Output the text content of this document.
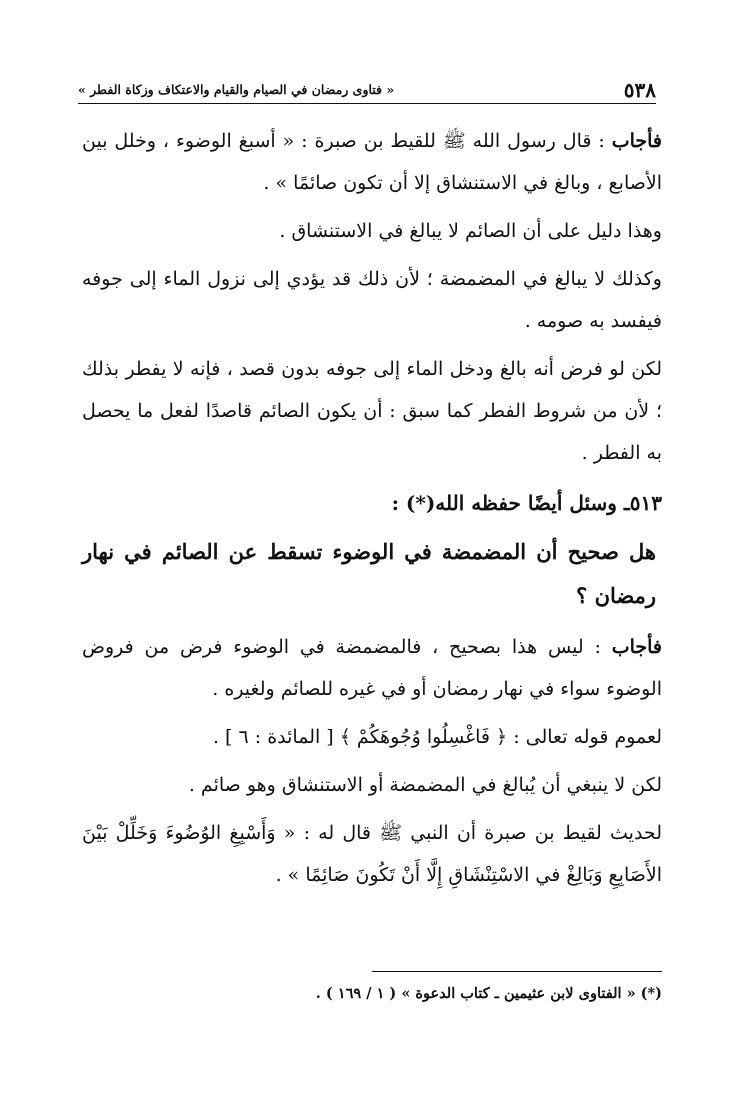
٥٣٨
« فتاوى رمضان في الصيام والقيام والاعتكاف وزكاة الفطر »

فأجاب : قال رسول الله ﷺ للقيط بن صبرة : « أسبغ الوضوء ، وخلل بين الأصابع ، وبالغ في الاستنشاق إلا أن تكون صائمًا » .

وهذا دليل على أن الصائم لا يبالغ في الاستنشاق .

وكذلك لا يبالغ في المضمضة ؛ لأن ذلك قد يؤدي إلى نزول الماء إلى جوفه فيفسد به صومه .

لكن لو فرض أنه بالغ ودخل الماء إلى جوفه بدون قصد ، فإنه لا يفطر بذلك ؛ لأن من شروط الفطر كما سبق : أن يكون الصائم قاصدًا لفعل ما يحصل به الفطر .

٥١٣ـ وسئل أيضًا حفظه الله(*) :
هل صحيح أن المضمضة في الوضوء تسقط عن الصائم في نهار رمضان ؟

فأجاب : ليس هذا بصحيح ، فالمضمضة في الوضوء فرض من فروض الوضوء سواء في نهار رمضان أو في غيره للصائم ولغيره .

لعموم قوله تعالى : ﴿ فَاغْسِلُوا وُجُوهَكُمْ ﴾ [ المائدة : ٦ ] .

لكن لا ينبغي أن يُبالغ في المضمضة أو الاستنشاق وهو صائم .

لحديث لقيط بن صبرة أن النبي ﷺ قال له : « وَأَسْبِغِ الوُضُوءَ وَخَلِّلْ بَيْنَ الأَصَابِعِ وَبَالِغْ في الاسْتِنْشَاقِ إِلَّا أَنْ تَكُونَ صَائِمًا » .

(*) « الفتاوى لابن عثيمين ـ كتاب الدعوة » ( ١ / ١٦٩ ) .
